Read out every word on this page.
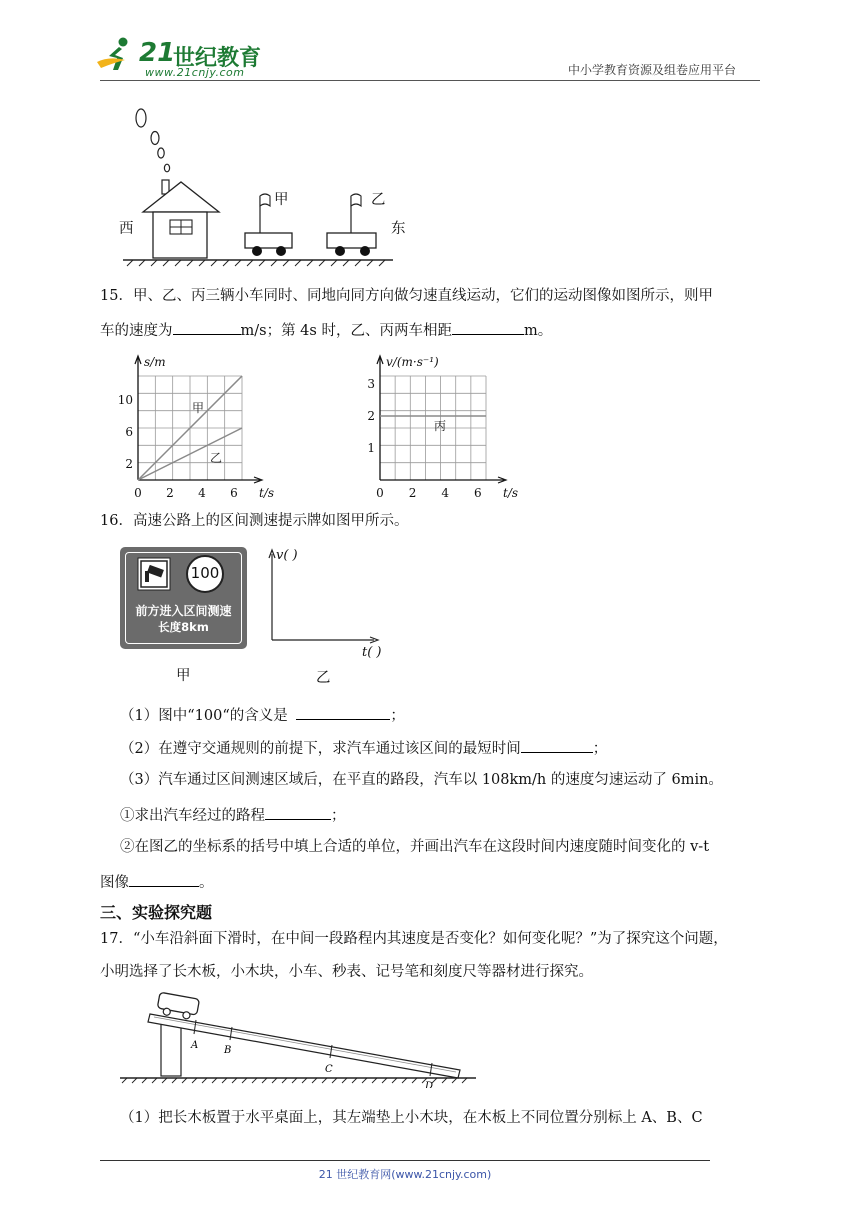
21
世纪教育
www.21cnjy.com	中小学教育资源及组卷应用平台
西	东
甲	乙
15．甲、乙、丙三辆小车同时、同地向同方向做匀速直线运动，它们的运动图像如图所示，则甲
车的速度为	m/s；第 4s 时，乙、丙两车相距	m。
甲
乙
0 2 4 6
2
6
10
s/m
t/s
丙
0 2 4 6
1
2
3
v/(m·s⁻¹)
t/s
16．高速公路上的区间测速提示牌如图甲所示。
100
前方进入区间测速
长度8km
甲
v( )
t( )
乙
（1）图中“100“的含义是	；
（2）在遵守交通规则的前提下，求汽车通过该区间的最短时间	；
（3）汽车通过区间测速区域后，在平直的路段，汽车以 108km/h 的速度匀速运动了 6min。
①求出汽车经过的路程	；
②在图乙的坐标系的括号中填上合适的单位，并画出汽车在这段时间内速度随时间变化的 v-t
图像	。
三、实验探究题
17．“小车沿斜面下滑时，在中间一段路程内其速度是否变化？如何变化呢？”为了探究这个问题，
小明选择了长木板，小木块，小车、秒表、记号笔和刻度尺等器材进行探究。
A	B
C
D
（1）把长木板置于水平桌面上，其左端垫上小木块，在木板上不同位置分别标上 A、B、C
21 世纪教育网(www.21cnjy.com)
